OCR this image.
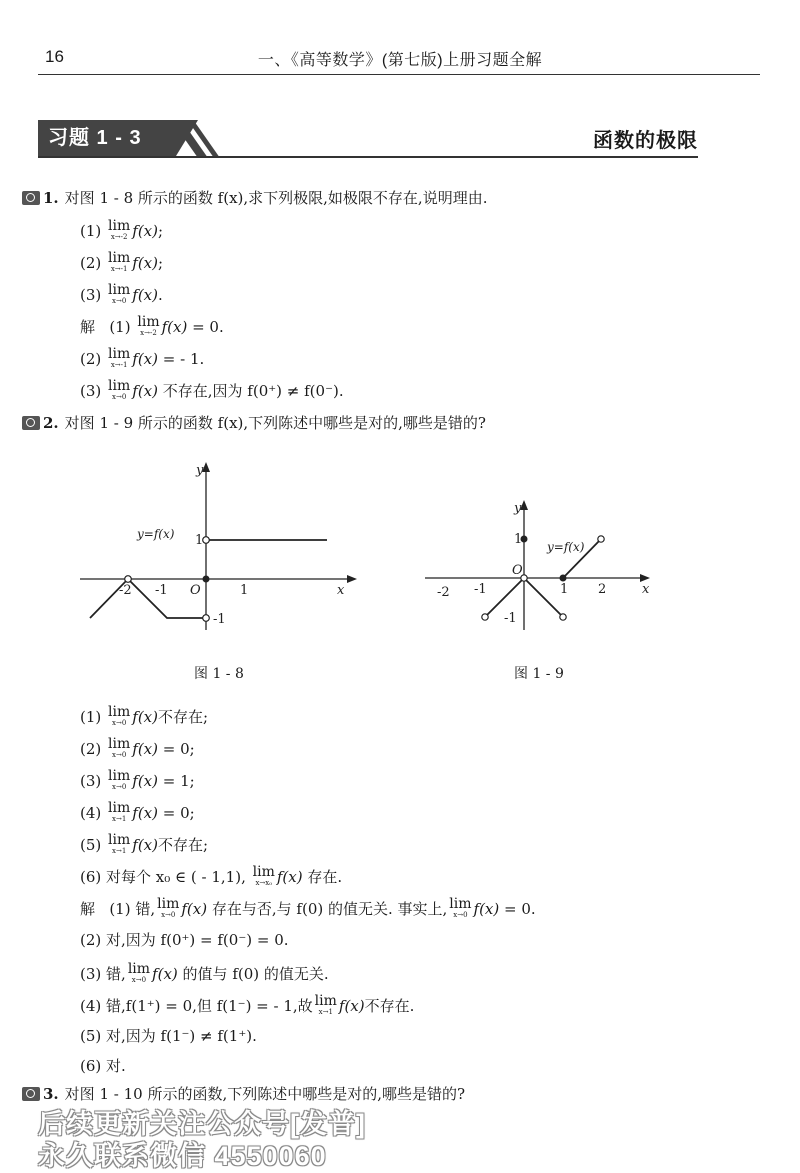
16	一、《高等数学》(第七版)上册习题全解
习题 1 - 3	函数的极限
1. 对图 1 - 8 所示的函数 f(x),求下列极限,如极限不存在,说明理由.
(1) lim
x→-2 f(x);
(2) lim
x→-1 f(x);
(3) lim
x→0 f(x).
解 (1) lim
x→-2 f(x) = 0.
(2) lim
x→-1 f(x) = - 1.
(3) lim
x→0 f(x) 不存在,因为 f(0⁺) ≠ f(0⁻).
2. 对图 1 - 9 所示的函数 f(x),下列陈述中哪些是对的,哪些是错的?
y
x
O	1
-1
-2
1
-1
y=f(x)
图 1 - 8
y
x
O
-2 -1	1 2
1
-1
y=f(x)
图 1 - 9
(1) lim
x→0 f(x)不存在;
(2) lim
x→0 f(x) = 0;
(3) lim
x→0 f(x) = 1;
(4) lim
x→1 f(x) = 0;
(5) lim
x→1 f(x)不存在;
(6) 对每个 x₀ ∈ ( - 1,1), lim
x→x₀ f(x) 存在.
解 (1) 错, lim
x→0 f(x) 存在与否,与 f(0) 的值无关. 事实上, lim
x→0 f(x) = 0.
(2) 对,因为 f(0⁺) = f(0⁻) = 0.
(3) 错, lim
x→0 f(x) 的值与 f(0) 的值无关.
(4) 错,f(1⁺) = 0,但 f(1⁻) = - 1,故 lim
x→1 f(x)不存在.
(5) 对,因为 f(1⁻) ≠ f(1⁺).
(6) 对.
3. 对图 1 - 10 所示的函数,下列陈述中哪些是对的,哪些是错的?
后续更新关注公众号[发普]
永久联系微信 4550060
